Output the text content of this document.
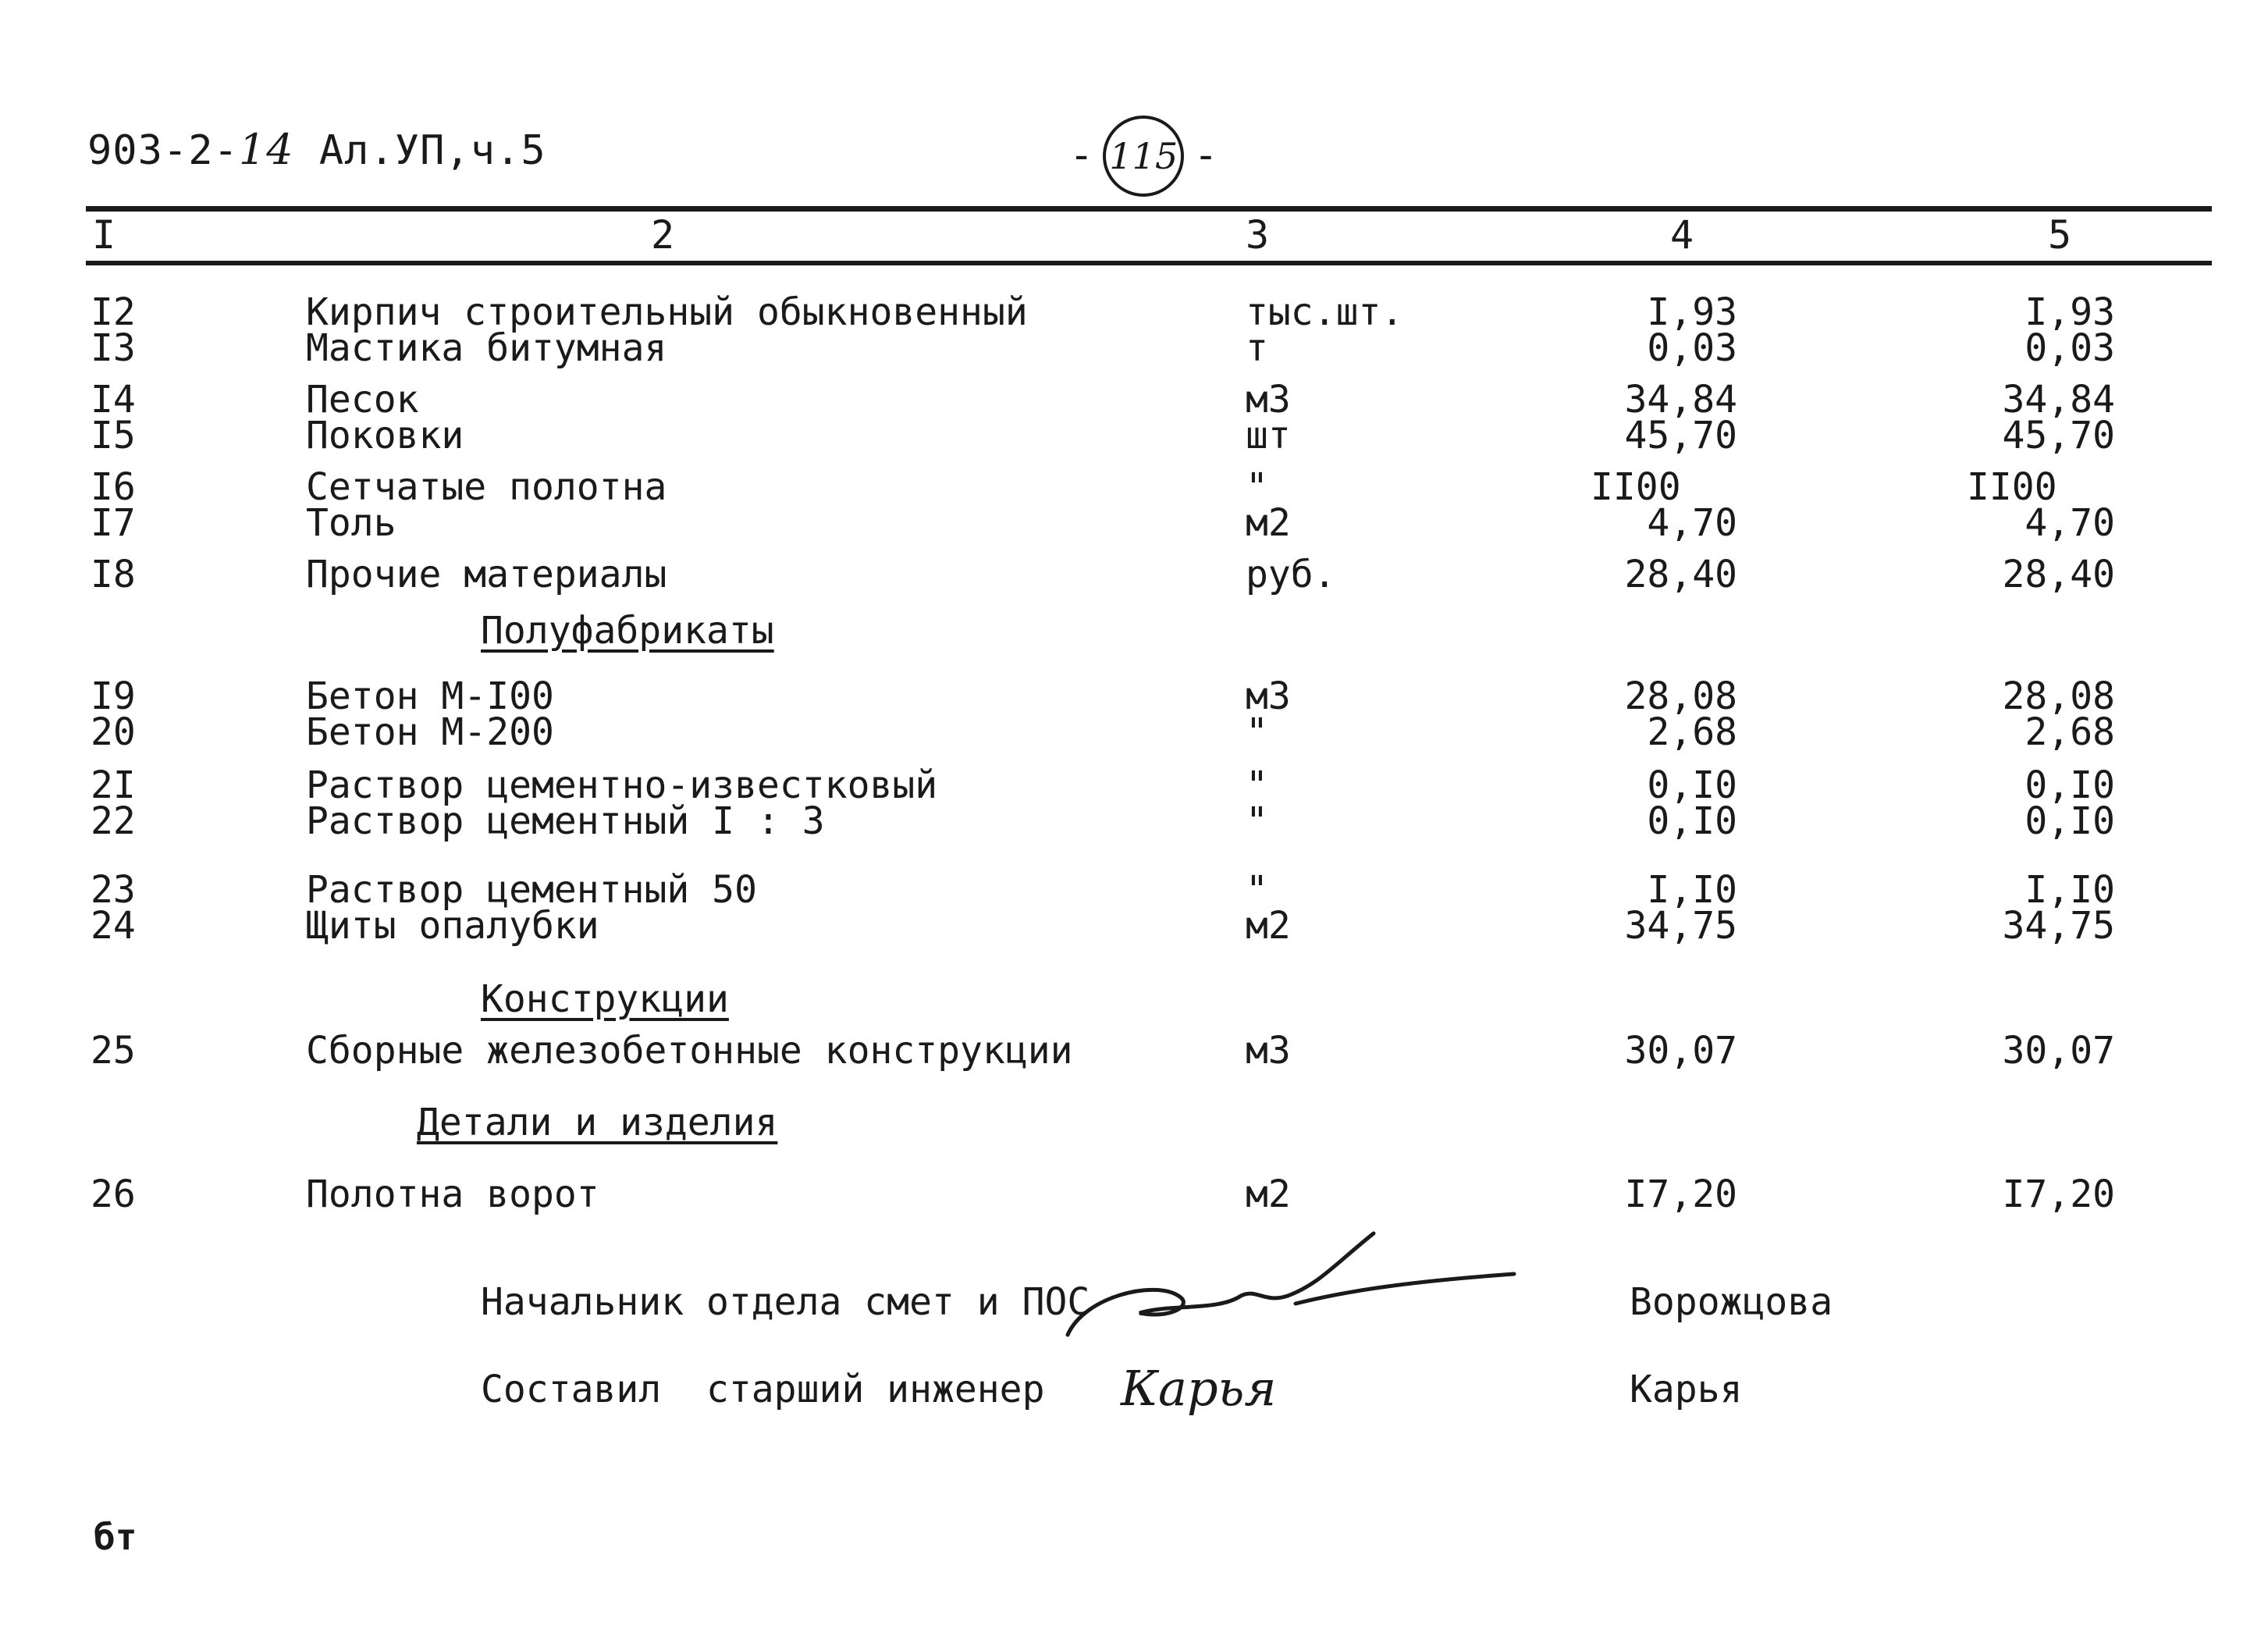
903-2-14 Ал.УП,ч.5	- 115 -
I	2	3	4	5
I2	Кирпич строительный обыкновенный	тыс.шт.	I,93	I,93
I3	Мастика битумная	т	0,03	0,03
I4	Песок	м3	34,84	34,84
I5	Поковки	шт	45,70	45,70
I6	Сетчатые полотна	"	II00	II00
I7	Толь	м2	4,70	4,70
I8	Прочие материалы	руб.	28,40	28,40
Полуфабрикаты
I9	Бетон М-I00	м3	28,08	28,08
20	Бетон М-200	"	2,68	2,68
2I	Раствор цементно-известковый	"	0,I0	0,I0
22	Раствор цементный I : 3	"	0,I0	0,I0
23	Раствор цементный 50	"	I,I0	I,I0
24	Щиты опалубки	м2	34,75	34,75
Конструкции
25	Сборные железобетонные конструкции	м3	30,07	30,07
Детали и изделия
26	Полотна ворот	м2	I7,20	I7,20
Начальник отдела смет и ПОС	Ворожцова
Составил  старший инженер Карья	Карья
бт
